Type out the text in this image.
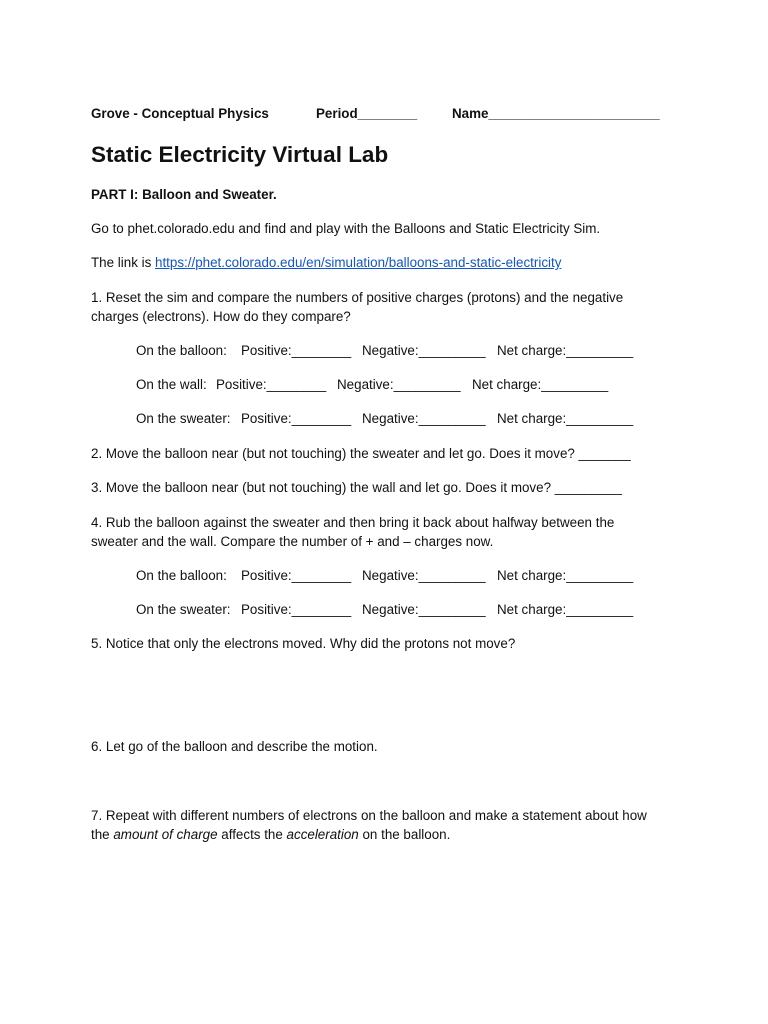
Grove - Conceptual Physics	Period________	Name_______________________
Static Electricity Virtual Lab
PART I: Balloon and Sweater.
Go to phet.colorado.edu and find and play with the Balloons and Static Electricity Sim.
The link is https://phet.colorado.edu/en/simulation/balloons-and-static-electricity
1. Reset the sim and compare the numbers of positive charges (protons) and the negative charges (electrons). How do they compare?
On the balloon: Positive:________ Negative:_________ Net charge:_________
On the wall: Positive:________ Negative:_________ Net charge:_________
On the sweater: Positive:________ Negative:_________ Net charge:_________
2. Move the balloon near (but not touching) the sweater and let go. Does it move? _______
3. Move the balloon near (but not touching) the wall and let go. Does it move? _________
4. Rub the balloon against the sweater and then bring it back about halfway between the sweater and the wall. Compare the number of + and – charges now.
On the balloon: Positive:________ Negative:_________ Net charge:_________
On the sweater: Positive:________ Negative:_________ Net charge:_________
5. Notice that only the electrons moved. Why did the protons not move?
6. Let go of the balloon and describe the motion.
7. Repeat with different numbers of electrons on the balloon and make a statement about how
the amount of charge affects the acceleration on the balloon.
